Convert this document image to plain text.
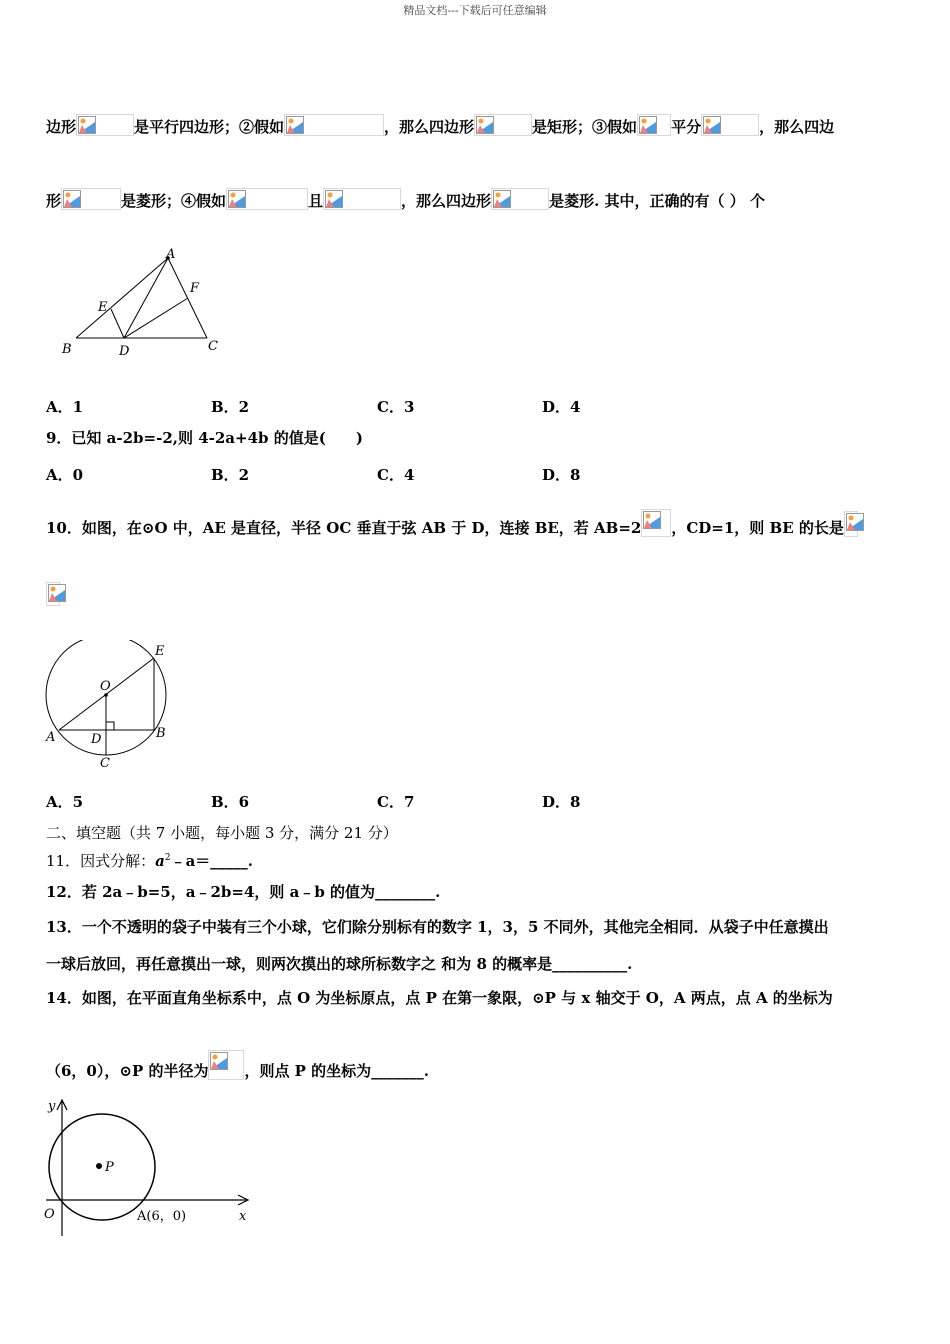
精品文档---下载后可任意编辑
边形	是平行四边形；②假如	，那么四边形	是矩形；③假如 平分	，那么四边
形	是菱形；④假如	且	，那么四边形	是菱形. 其中，正确的有（ ） 个
A
E
F
B	D	C
A．1	B．2	C．3	D．4
9．已知 a-2b=-2,则 4-2a+4b 的值是(　　)
A．0	B．2	C．4	D．8
10．如图，在⊙O 中，AE 是直径，半径 OC 垂直于弦 AB 于 D，连接 BE，若 AB=2 ，CD=1，则 BE 的长是
E
O
A	D	B
C
A．5	B．6	C．7	D．8
二、填空题（共 7 小题，每小题 3 分，满分 21 分）
11．因式分解：$a^2﹣a=\_\_\_\_\_$.
12．若 2a﹣b=5，a﹣2b=4，则 a﹣b 的值为________.
13．一个不透明的袋子中装有三个小球，它们除分别标有的数字 1，3，5 不同外，其他完全相同．从袋子中任意摸出
一球后放回，再任意摸出一球，则两次摸出的球所标数字之 和为 8 的概率是__________.
14．如图，在平面直角坐标系中，点 O 为坐标原点，点 P 在第一象限，⊙P 与 x 轴交于 O，A 两点，点 A 的坐标为
（6，0），⊙P 的半径为 ，则点 P 的坐标为_______.
y
P
O	A(6，0)	x
